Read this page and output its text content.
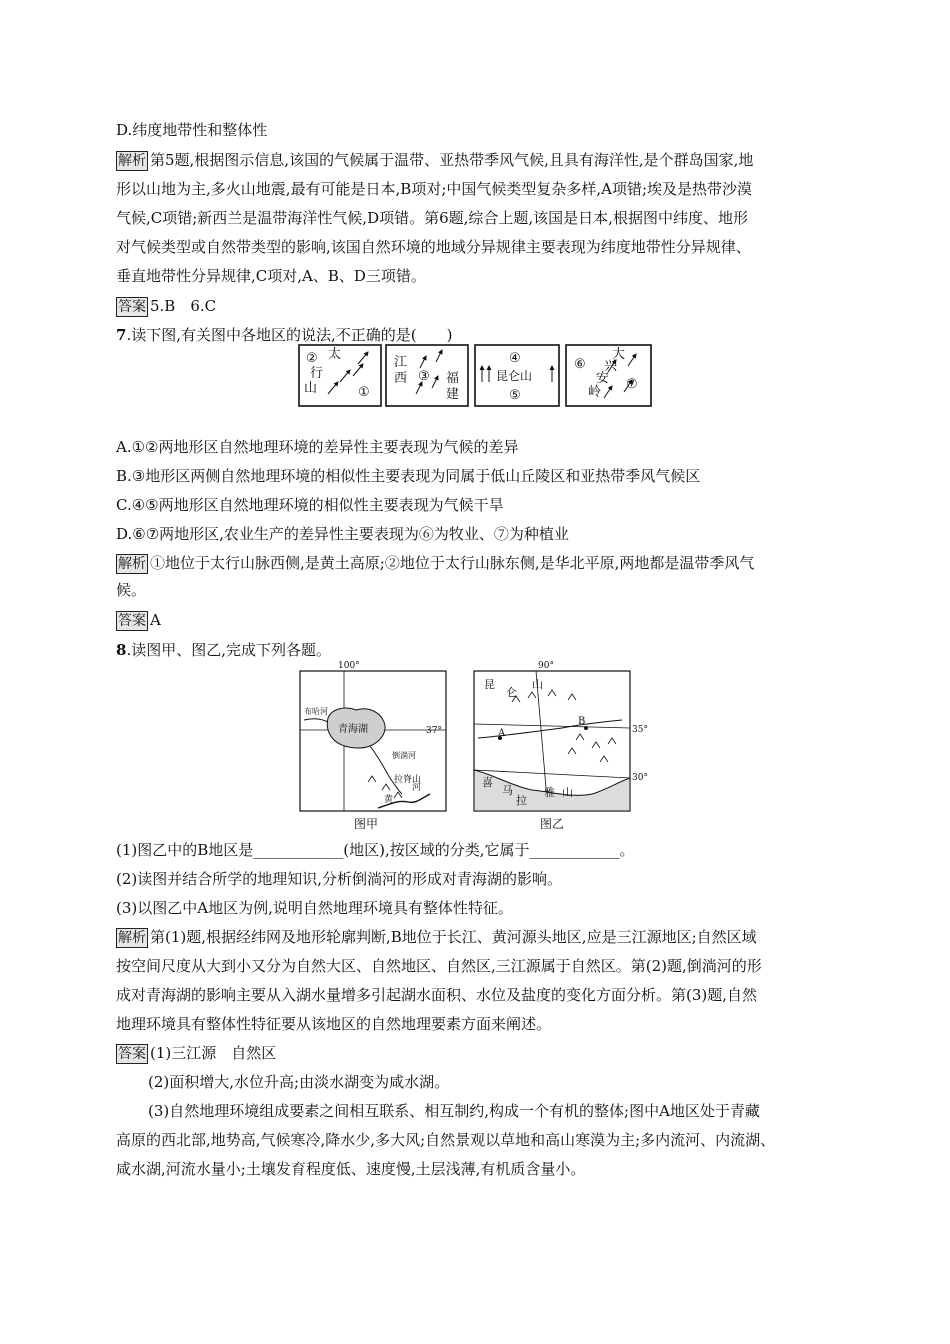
D.纬度地带性和整体性
解析 第5题,根据图示信息,该国的气候属于温带、亚热带季风气候,且具有海洋性,是个群岛国家,地
形以山地为主,多火山地震,最有可能是日本,B项对;中国气候类型复杂多样,A项错;埃及是热带沙漠
气候,C项错;新西兰是温带海洋性气候,D项错。第6题,综合上题,该国是日本,根据图中纬度、地形
对气候类型或自然带类型的影响,该国自然环境的地域分异规律主要表现为纬度地带性分异规律、
垂直地带性分异规律,C项对,A、B、D三项错。
答案 5.B　6.C
7.读下图,有关图中各地区的说法,不正确的是(　　)
② 太
行
山	①
江
西 ③ 福
建
④
昆仑山
⑤
⑥
大
兴
安
岭
⑦
A.①②两地形区自然地理环境的差异性主要表现为气候的差异
B.③地形区两侧自然地理环境的相似性主要表现为同属于低山丘陵区和亚热带季风气候区
C.④⑤两地形区自然地理环境的相似性主要表现为气候干旱
D.⑥⑦两地形区,农业生产的差异性主要表现为⑥为牧业、⑦为种植业
解析 ①地位于太行山脉西侧,是黄土高原;②地位于太行山脉东侧,是华北平原,两地都是温带季风气
候。
答案 A
8.读图甲、图乙,完成下列各题。
100°
37°
青海湖
布哈河
倒淌河
拉脊山
黄
河
图甲
90°
35°
30°
昆
仑
山
喜
马
拉
雅 山
A
B
图乙
(1)图乙中的B地区是____________(地区),按区域的分类,它属于____________。
(2)读图并结合所学的地理知识,分析倒淌河的形成对青海湖的影响。
(3)以图乙中A地区为例,说明自然地理环境具有整体性特征。
解析 第(1)题,根据经纬网及地形轮廓判断,B地位于长江、黄河源头地区,应是三江源地区;自然区域
按空间尺度从大到小又分为自然大区、自然地区、自然区,三江源属于自然区。第(2)题,倒淌河的形
成对青海湖的影响主要从入湖水量增多引起湖水面积、水位及盐度的变化方面分析。第(3)题,自然
地理环境具有整体性特征要从该地区的自然地理要素方面来阐述。
答案 (1)三江源　自然区
(2)面积增大,水位升高;由淡水湖变为咸水湖。
(3)自然地理环境组成要素之间相互联系、相互制约,构成一个有机的整体;图中A地区处于青藏
高原的西北部,地势高,气候寒冷,降水少,多大风;自然景观以草地和高山寒漠为主;多内流河、内流湖、
咸水湖,河流水量小;土壤发育程度低、速度慢,土层浅薄,有机质含量小。
